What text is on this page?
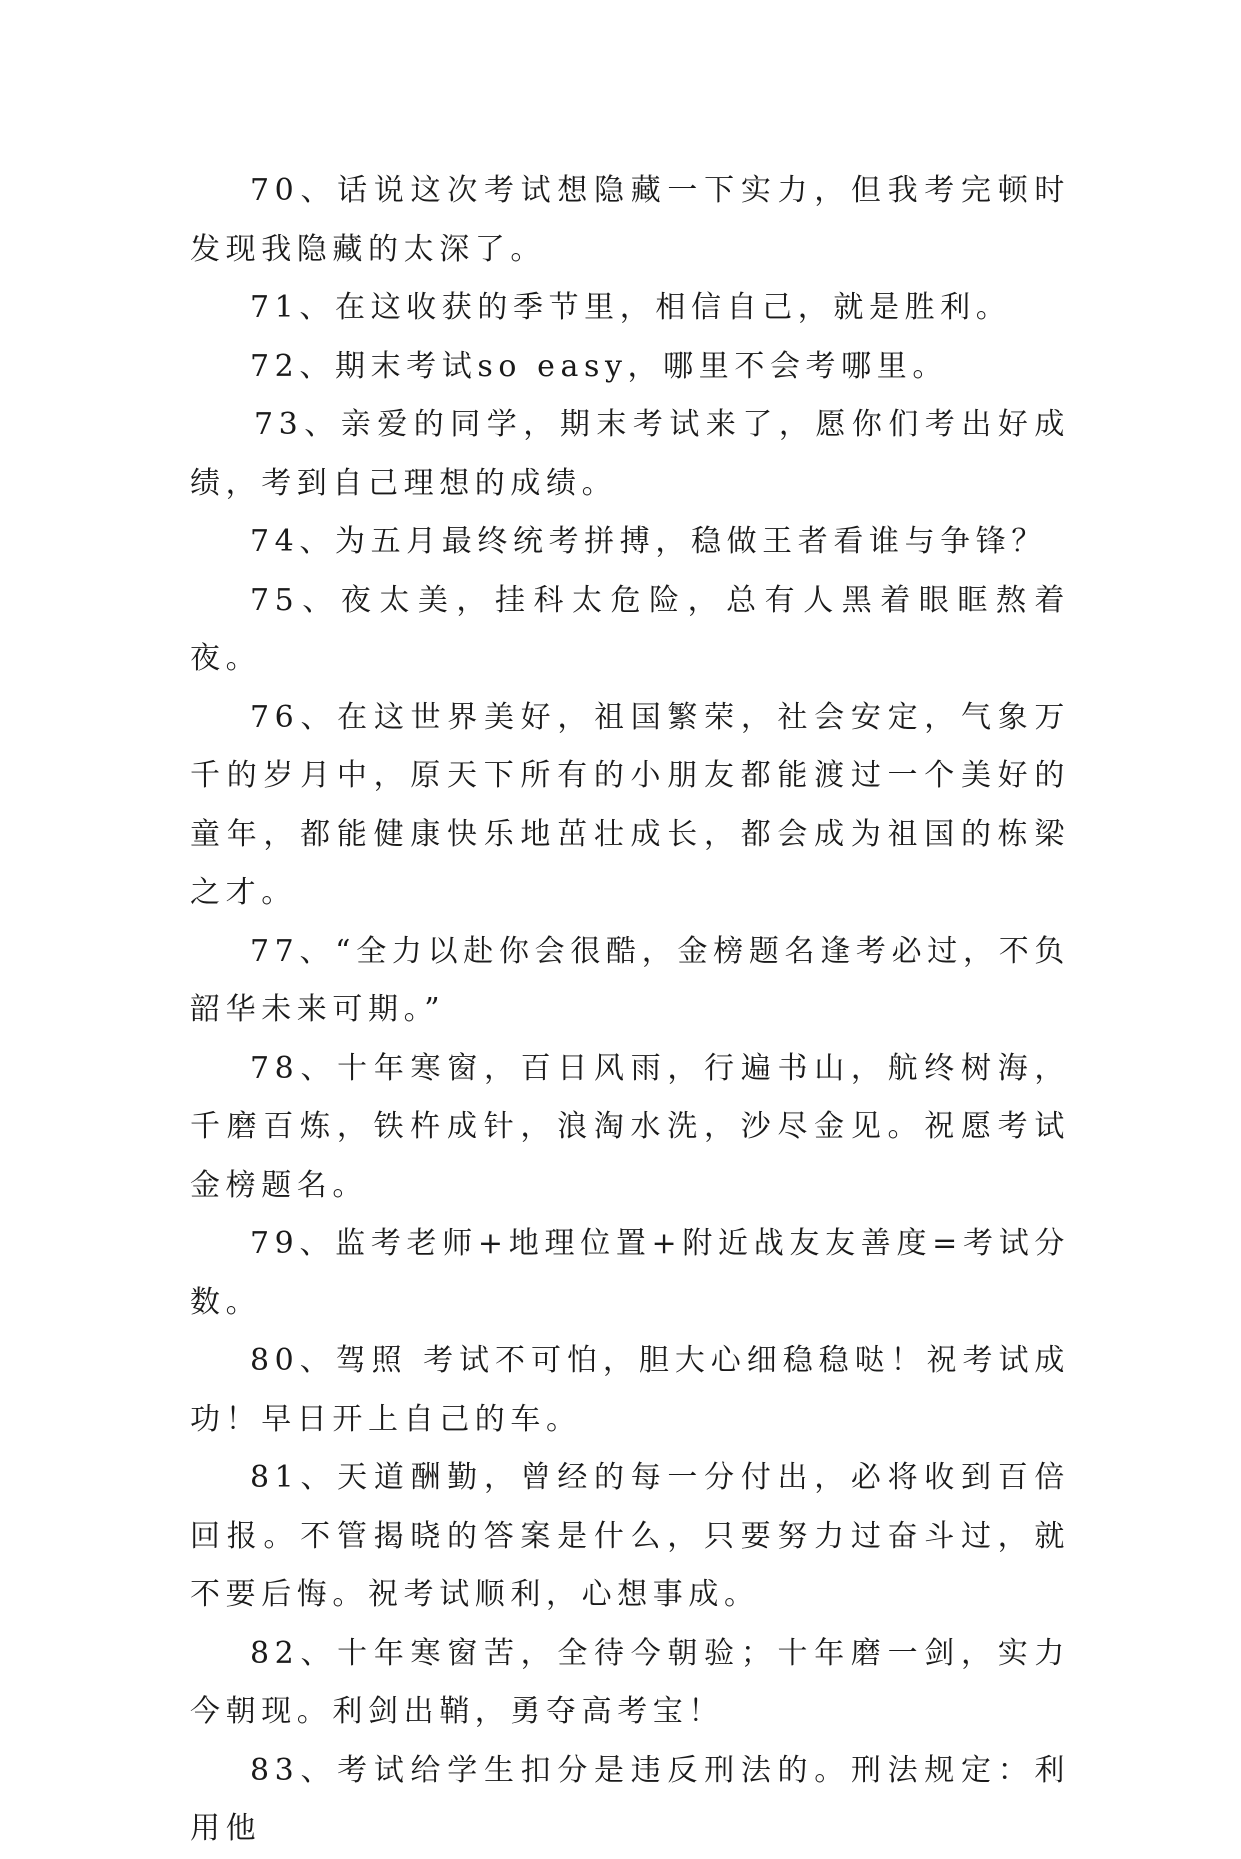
70、话说这次考试想隐藏一下实力，但我考完顿时发现我隐藏的太深了。

71、在这收获的季节里，相信自己，就是胜利。

72、期末考试so easy，哪里不会考哪里。

73、亲爱的同学，期末考试来了，愿你们考出好成绩，考到自己理想的成绩。

74、为五月最终统考拼搏，稳做王者看谁与争锋？

75、夜太美，挂科太危险，总有人黑着眼眶熬着夜。

76、在这世界美好，祖国繁荣，社会安定，气象万千的岁月中，原天下所有的小朋友都能渡过一个美好的童年，都能健康快乐地茁壮成长，都会成为祖国的栋梁之才。

77、“全力以赴你会很酷，金榜题名逢考必过，不负韶华未来可期。”

78、十年寒窗，百日风雨，行遍书山，航终树海，千磨百炼，铁杵成针，浪淘水洗，沙尽金见。祝愿考试金榜题名。

79、监考老师+地理位置+附近战友友善度=考试分数。

80、驾照 考试不可怕，胆大心细稳稳哒！祝考试成功！早日开上自己的车。

81、天道酬勤，曾经的每一分付出，必将收到百倍回报。不管揭晓的答案是什么，只要努力过奋斗过，就不要后悔。祝考试顺利，心想事成。

82、十年寒窗苦，全待今朝验；十年磨一剑，实力今朝现。利剑出鞘，勇夺高考宝！

83、考试给学生扣分是违反刑法的。刑法规定：利用他
